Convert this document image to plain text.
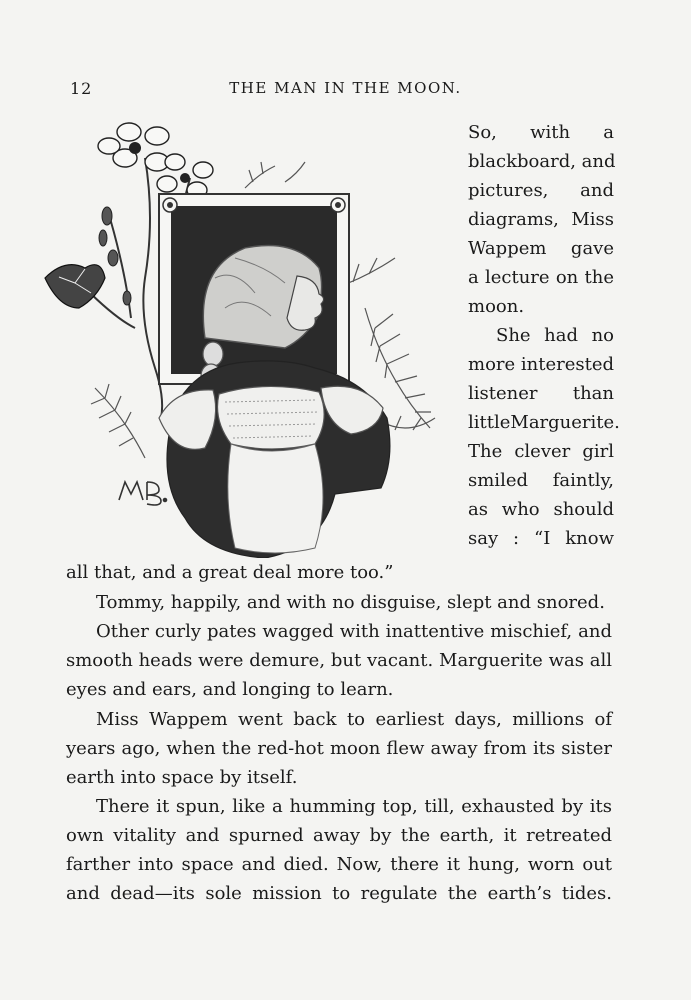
12	THE MAN IN THE MOON.
So, with a
blackboard, and
pictures, and
diagrams, Miss
Wappem gave
a lecture on the
moon.
She had no
more interested
listener than
littleMarguerite.
The clever girl
smiled faintly,
as who should
say : “I know
all that, and a great deal more too.”
Tommy, happily, and with no disguise, slept and snored.
Other curly pates wagged with inattentive mischief, and
smooth heads were demure, but vacant. Marguerite was all
eyes and ears, and longing to learn.
Miss Wappem went back to earliest days, millions of
years ago, when the red-hot moon flew away from its sister
earth into space by itself.
There it spun, like a humming top, till, exhausted by its
own vitality and spurned away by the earth, it retreated
farther into space and died. Now, there it hung, worn out
and dead—its sole mission to regulate the earth’s tides.
